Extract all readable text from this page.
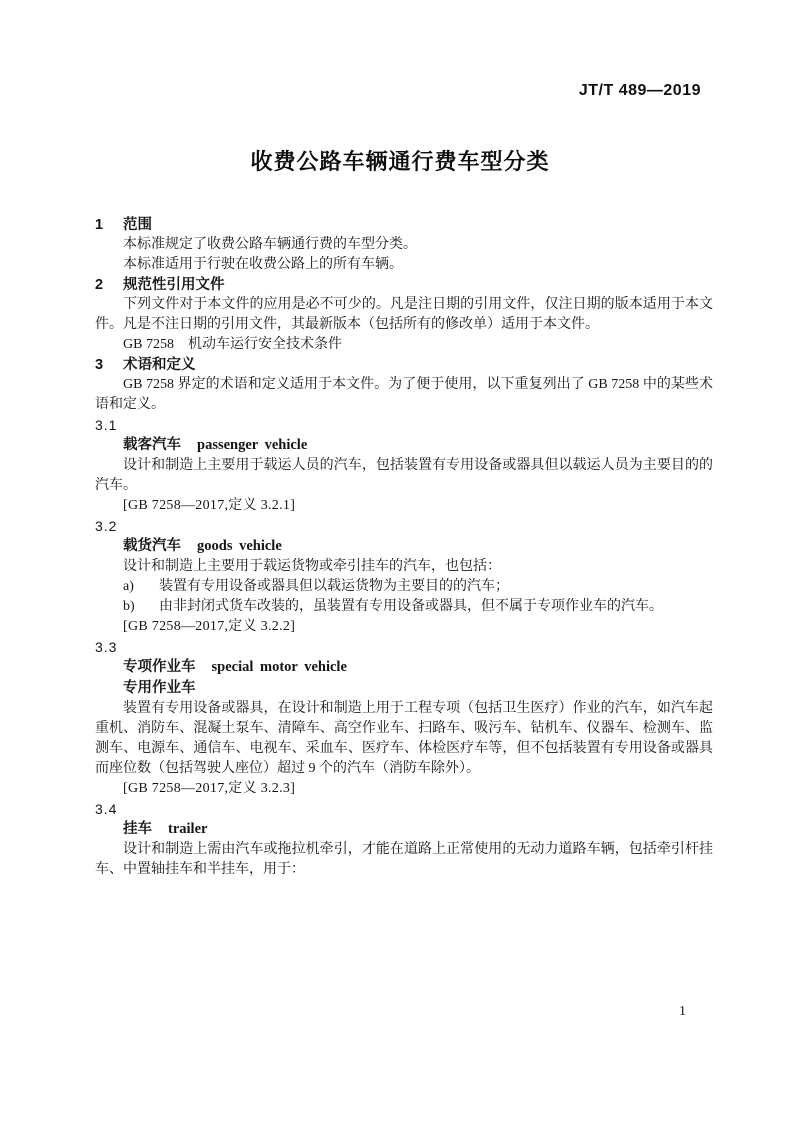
JT/T 489—2019
收费公路车辆通行费车型分类

1 范围

本标准规定了收费公路车辆通行费的车型分类。

本标准适用于行驶在收费公路上的所有车辆。

2 规范性引用文件

下列文件对于本文件的应用是必不可少的。凡是注日期的引用文件，仅注日期的版本适用于本文件。凡是不注日期的引用文件，其最新版本（包括所有的修改单）适用于本文件。

GB 7258　机动车运行安全技术条件

3 术语和定义

GB 7258 界定的术语和定义适用于本文件。为了便于使用，以下重复列出了 GB 7258 中的某些术语和定义。

3.1

载客汽车 passenger vehicle

设计和制造上主要用于载运人员的汽车，包括装置有专用设备或器具但以载运人员为主要目的的汽车。

[GB 7258—2017,定义 3.2.1]

3.2

载货汽车 goods vehicle

设计和制造上主要用于载运货物或牵引挂车的汽车，也包括：

a) 装置有专用设备或器具但以载运货物为主要目的的汽车；

b) 由非封闭式货车改装的，虽装置有专用设备或器具，但不属于专项作业车的汽车。

[GB 7258—2017,定义 3.2.2]

3.3

专项作业车 special motor vehicle

专用作业车

装置有专用设备或器具，在设计和制造上用于工程专项（包括卫生医疗）作业的汽车，如汽车起重机、消防车、混凝土泵车、清障车、高空作业车、扫路车、吸污车、钻机车、仪器车、检测车、监测车、电源车、通信车、电视车、采血车、医疗车、体检医疗车等，但不包括装置有专用设备或器具而座位数（包括驾驶人座位）超过 9 个的汽车（消防车除外）。

[GB 7258—2017,定义 3.2.3]

3.4

挂车 trailer

设计和制造上需由汽车或拖拉机牵引，才能在道路上正常使用的无动力道路车辆，包括牵引杆挂车、中置轴挂车和半挂车，用于：

1
